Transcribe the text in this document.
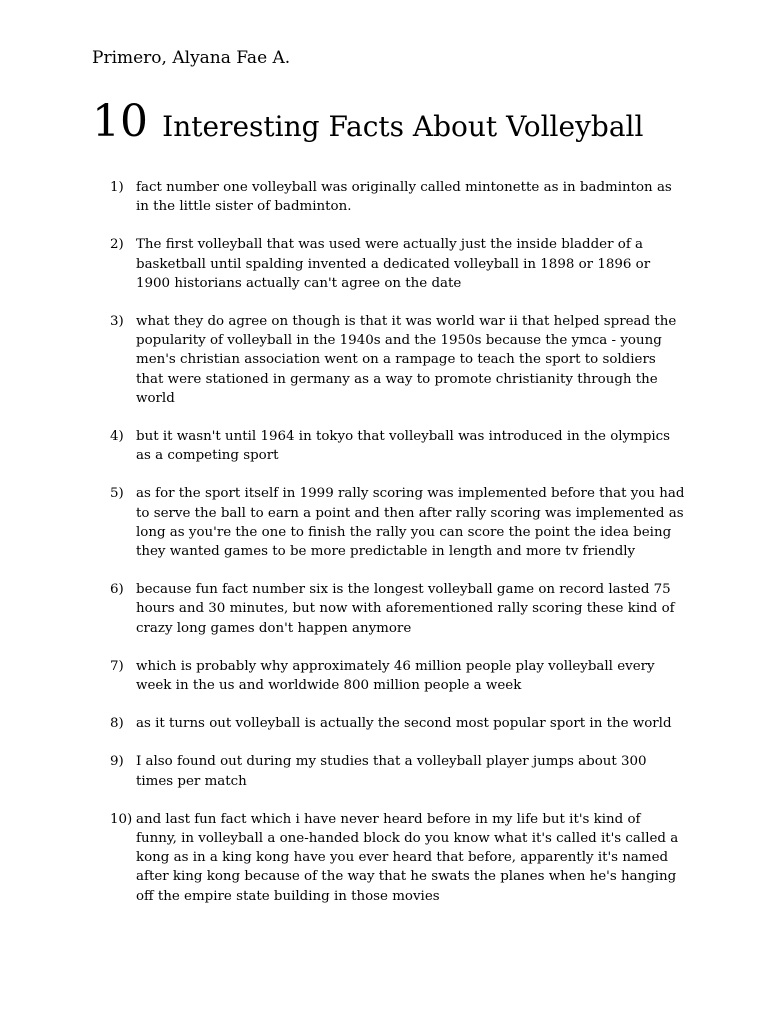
Primero, Alyana Fae A.

10 Interesting Facts About Volleyball
1) fact number one volleyball was originally called mintonette as in badminton as in the little sister of badminton.
2) The first volleyball that was used were actually just the inside bladder of a basketball until spalding invented a dedicated volleyball in 1898 or 1896 or 1900 historians actually can't agree on the date
3) what they do agree on though is that it was world war ii that helped spread the popularity of volleyball in the 1940s and the 1950s because the ymca - young men's christian association went on a rampage to teach the sport to soldiers that were stationed in germany as a way to promote christianity through the world
4) but it wasn't until 1964 in tokyo that volleyball was introduced in the olympics as a competing sport
5) as for the sport itself in 1999 rally scoring was implemented before that you had to serve the ball to earn a point and then after rally scoring was implemented as long as you're the one to finish the rally you can score the point the idea being they wanted games to be more predictable in length and more tv friendly
6) because fun fact number six is the longest volleyball game on record lasted 75 hours and 30 minutes, but now with aforementioned rally scoring these kind of crazy long games don't happen anymore
7) which is probably why approximately 46 million people play volleyball every week in the us and worldwide 800 million people a week
8) as it turns out volleyball is actually the second most popular sport in the world
9) I also found out during my studies that a volleyball player jumps about 300 times per match
10) and last fun fact which i have never heard before in my life but it's kind of funny, in volleyball a one-handed block do you know what it's called it's called a kong as in a king kong have you ever heard that before, apparently it's named after king kong because of the way that he swats the planes when he's hanging off the empire state building in those movies
